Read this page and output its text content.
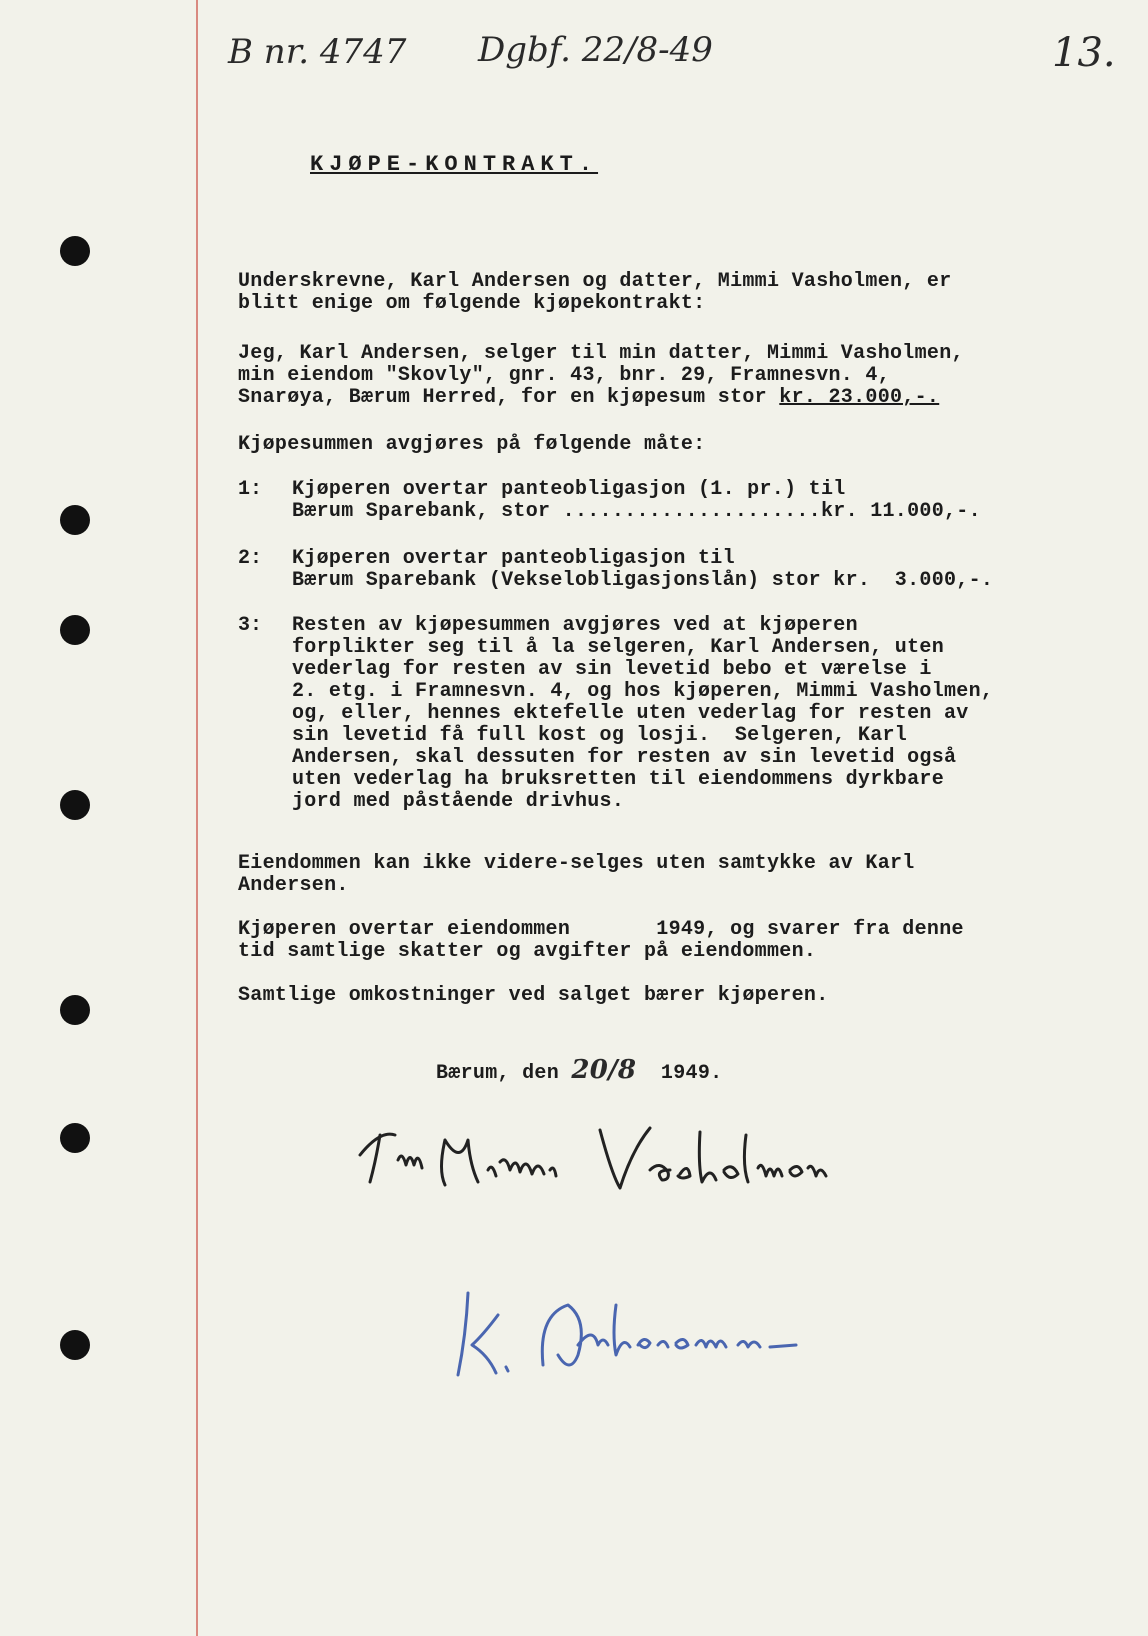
B nr. 4747 Dgbf. 22/8-49	13.
KJØPE-KONTRAKT.
Underskrevne, Karl Andersen og datter, Mimmi Vasholmen, er
blitt enige om følgende kjøpekontrakt:
Jeg, Karl Andersen, selger til min datter, Mimmi Vasholmen,
min eiendom "Skovly", gnr. 43, bnr. 29, Framnesvn. 4,
Snarøya, Bærum Herred, for en kjøpesum stor kr. 23.000,-.
Kjøpesummen avgjøres på følgende måte:
1: Kjøperen overtar panteobligasjon (1. pr.) til
Bærum Sparebank, stor .....................kr. 11.000,-.
2: Kjøperen overtar panteobligasjon til
Bærum Sparebank (Vekselobligasjonslån) stor kr.  3.000,-.
3: Resten av kjøpesummen avgjøres ved at kjøperen
forplikter seg til å la selgeren, Karl Andersen, uten
vederlag for resten av sin levetid bebo et værelse i
2. etg. i Framnesvn. 4, og hos kjøperen, Mimmi Vasholmen,
og, eller, hennes ektefelle uten vederlag for resten av
sin levetid få full kost og losji.  Selgeren, Karl
Andersen, skal dessuten for resten av sin levetid også
uten vederlag ha bruksretten til eiendommens dyrkbare
jord med påstående drivhus.
Eiendommen kan ikke videre-selges uten samtykke av Karl
Andersen.
Kjøperen overtar eiendommen       1949, og svarer fra denne
tid samtlige skatter og avgifter på eiendommen.
Samtlige omkostninger ved salget bærer kjøperen.
Bærum, den 20/8 1949.
